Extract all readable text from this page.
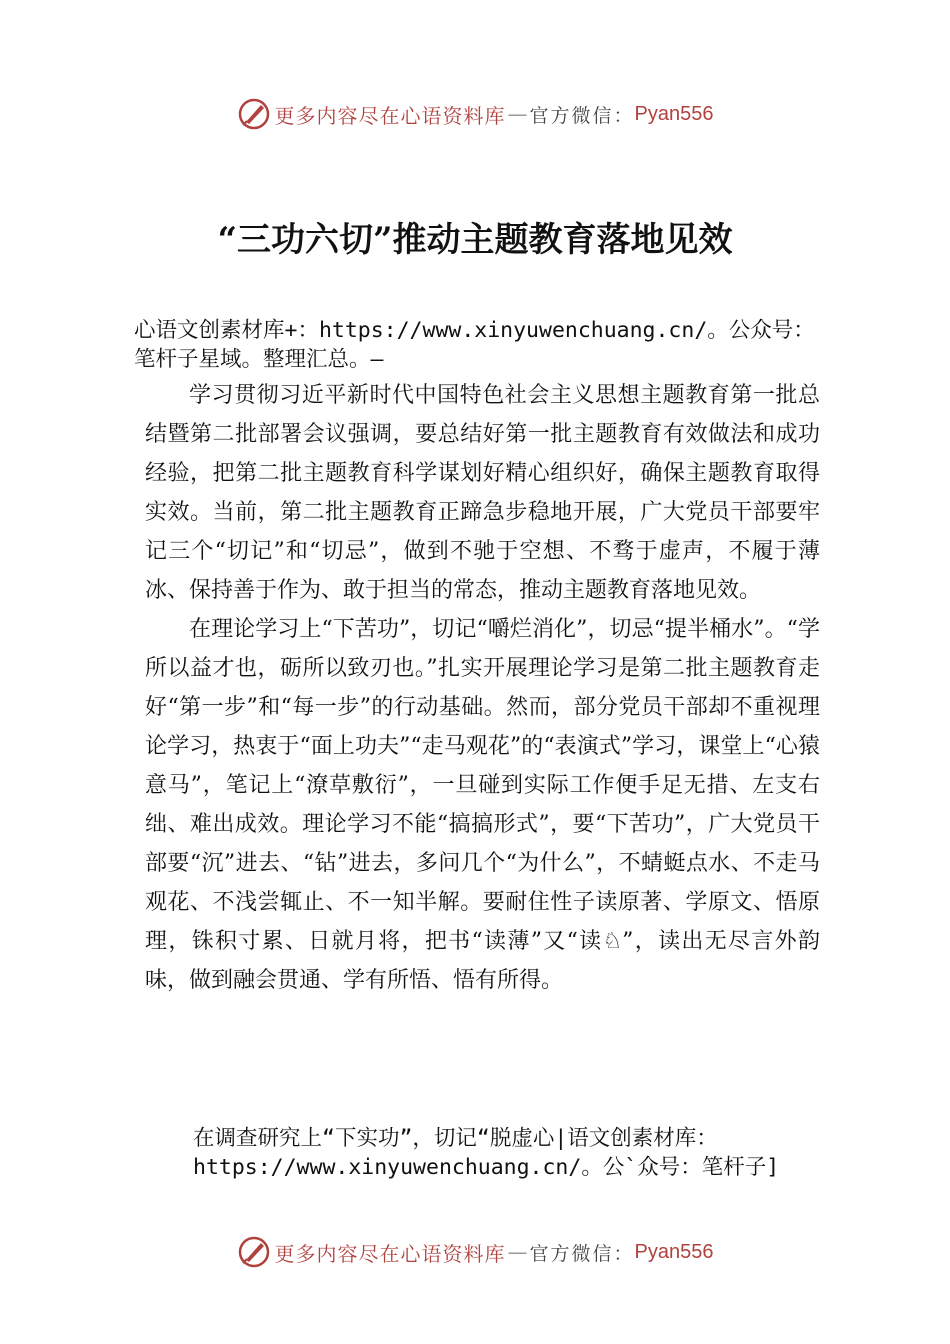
更多内容尽在心语资料库 — 官方微信： Pyan556
“三功六切”推动主题教育落地见效
心语文创素材库+：https://www.xinyuwenchuang.cn/。公众号：笔杆子星域。整理汇总。—

学习贯彻习近平新时代中国特色社会主义思想主题教育第一批总结暨第二批部署会议强调，要总结好第一批主题教育有效做法和成功经验，把第二批主题教育科学谋划好精心组织好，确保主题教育取得实效。当前，第二批主题教育正蹄急步稳地开展，广大党员干部要牢记三个“切记”和“切忌”，做到不驰于空想、不骛于虚声，不履于薄冰、保持善于作为、敢于担当的常态，推动主题教育落地见效。

在理论学习上“下苦功”，切记“嚼烂消化”，切忌“提半桶水”。“学所以益才也，砺所以致刃也。”扎实开展理论学习是第二批主题教育走好“第一步”和“每一步”的行动基础。然而，部分党员干部却不重视理论学习，热衷于“面上功夫”“走马观花”的“表演式”学习，课堂上“心猿意马”，笔记上“潦草敷衍”，一旦碰到实际工作便手足无措、左支右绌、难出成效。理论学习不能“搞搞形式”，要“下苦功”，广大党员干部要“沉”进去、“钻”进去，多问几个“为什么”，不蜻蜓点水、不走马观花、不浅尝辄止、不一知半解。要耐住性子读原著、学原文、悟原理，铢积寸累、日就月将，把书“读薄”又“读♘”，读出无尽言外韵味，做到融会贯通、学有所悟、悟有所得。

在调查研究上“下实功”，切记“脱虚心|语文创素材库：https://www.xinyuwenchuang.cn/。公`众号：笔杆子]
更多内容尽在心语资料库 — 官方微信： Pyan556
